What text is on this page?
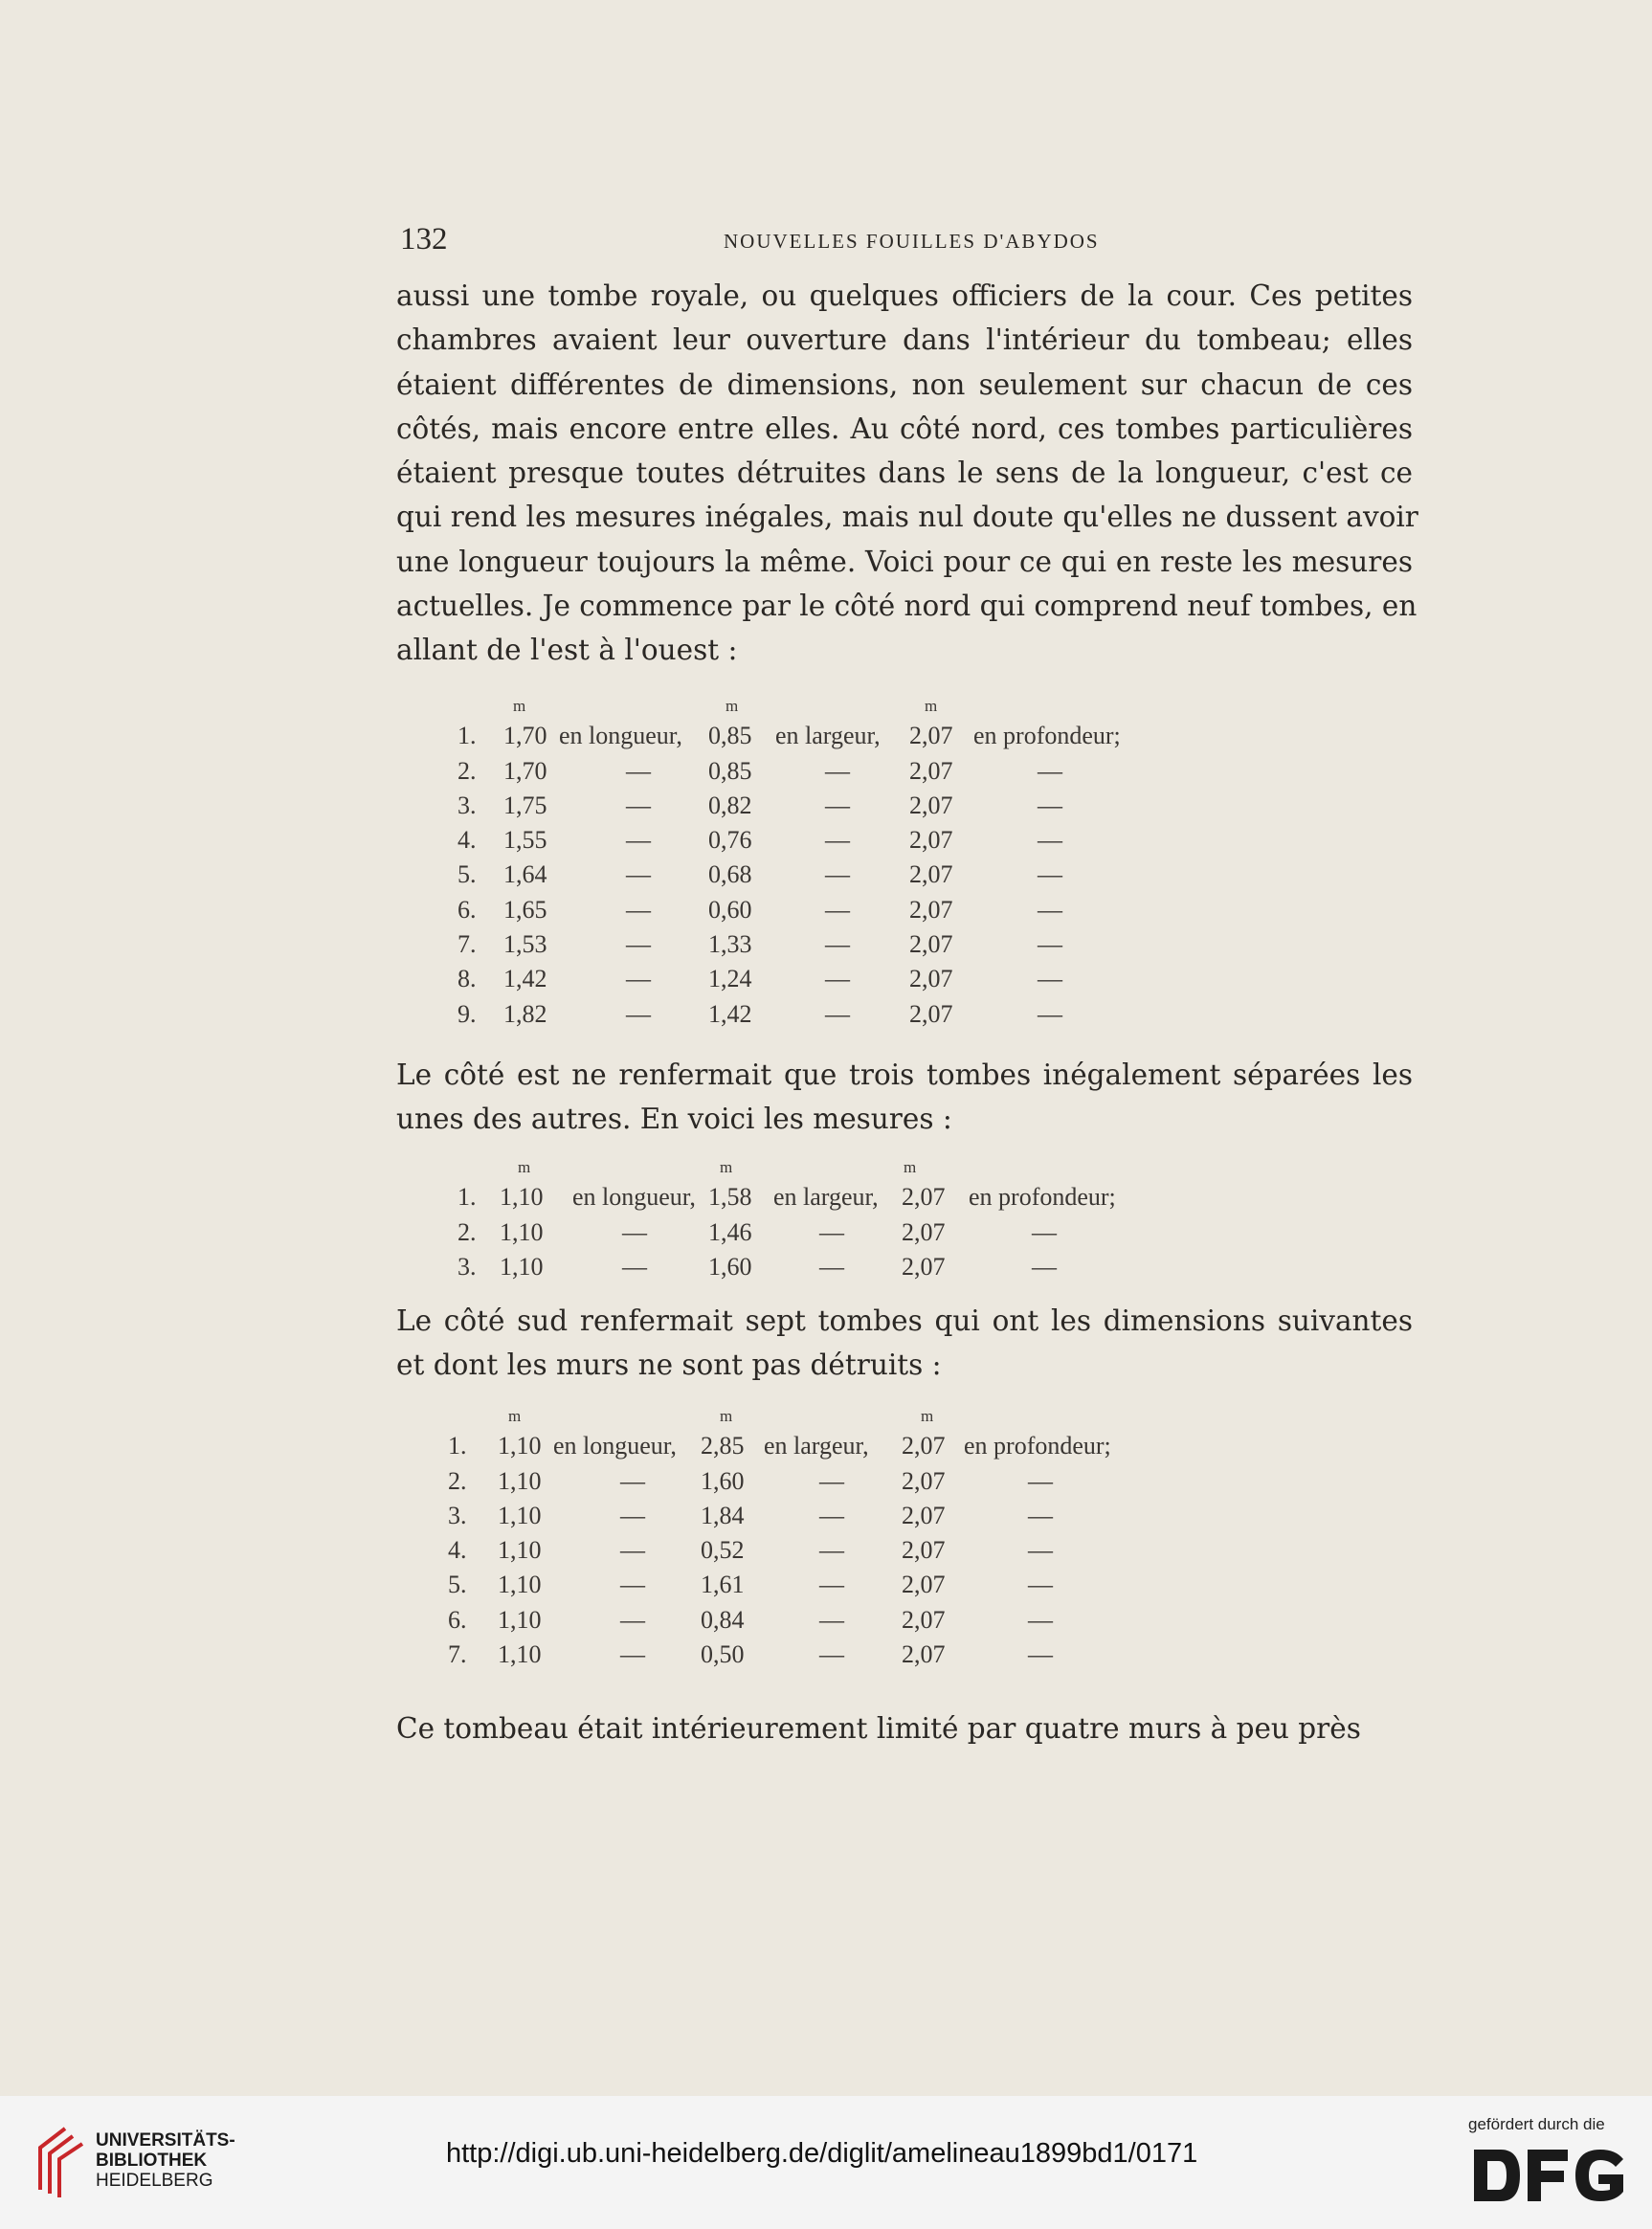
132	NOUVELLES FOUILLES D'ABYDOS

aussi une tombe royale, ou quelques officiers de la cour. Ces petites
chambres avaient leur ouverture dans l'intérieur du tombeau; elles
étaient différentes de dimensions, non seulement sur chacun de ces
côtés, mais encore entre elles. Au côté nord, ces tombes particulières
étaient presque toutes détruites dans le sens de la longueur, c'est ce
qui rend les mesures inégales, mais nul doute qu'elles ne dussent avoir
une longueur toujours la même. Voici pour ce qui en reste les mesures
actuelles. Je commence par le côté nord qui comprend neuf tombes, en
allant de l'est à l'ouest :

m	m	m
1. 1,70 en longueur, 0,85 en largeur, 2,07 en profondeur;
2. 1,70	— 0,85	— 2,07	—
3. 1,75	— 0,82	— 2,07	—
4. 1,55	— 0,76	— 2,07	—
5. 1,64	— 0,68	— 2,07	—
6. 1,65	— 0,60	— 2,07	—
7. 1,53	— 1,33	— 2,07	—
8. 1,42	— 1,24	— 2,07	—
9. 1,82	— 1,42	— 2,07	—

Le côté est ne renfermait que trois tombes inégalement séparées les
unes des autres. En voici les mesures :

m	m	m
1. 1,10 en longueur, 1,58 en largeur, 2,07 en profondeur;
2. 1,10	— 1,46	— 2,07	—
3. 1,10	— 1,60	— 2,07	—

Le côté sud renfermait sept tombes qui ont les dimensions suivantes
et dont les murs ne sont pas détruits :

m	m	m
1. 1,10 en longueur, 2,85 en largeur, 2,07 en profondeur;
2. 1,10	— 1,60	— 2,07	—
3. 1,10	— 1,84	— 2,07	—
4. 1,10	— 0,52	— 2,07	—
5. 1,10	— 1,61	— 2,07	—
6. 1,10	— 0,84	— 2,07	—
7. 1,10	— 0,50	— 2,07	—

Ce tombeau était intérieurement limité par quatre murs à peu près

UNIVERSITÄTS-
BIBLIOTHEK
HEIDELBERG
http://digi.ub.uni-heidelberg.de/diglit/amelineau1899bd1/0171
gefördert durch die
